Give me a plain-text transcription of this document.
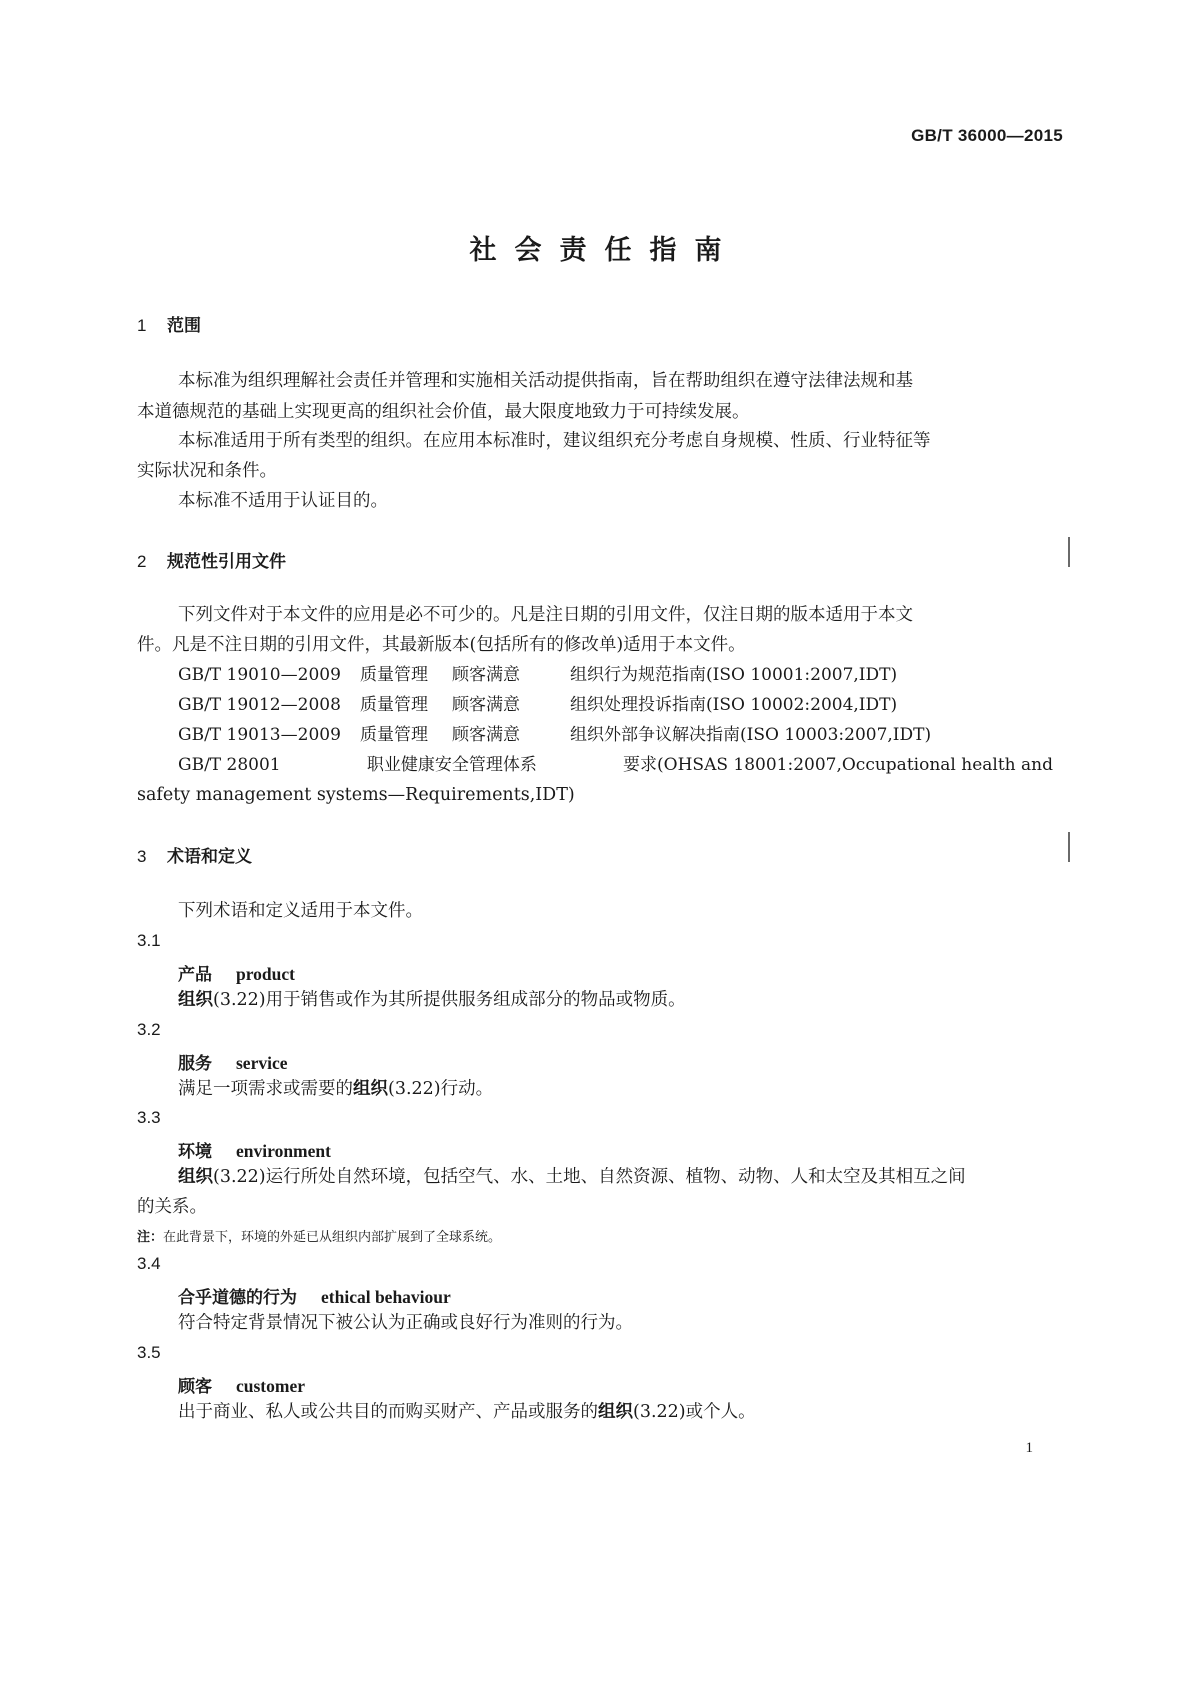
GB/T 36000—2015
社会责任指南
1 范围
本标准为组织理解社会责任并管理和实施相关活动提供指南，旨在帮助组织在遵守法律法规和基
本道德规范的基础上实现更高的组织社会价值，最大限度地致力于可持续发展。
本标准适用于所有类型的组织。在应用本标准时，建议组织充分考虑自身规模、性质、行业特征等
实际状况和条件。
本标准不适用于认证目的。
2 规范性引用文件
下列文件对于本文件的应用是必不可少的。凡是注日期的引用文件，仅注日期的版本适用于本文
件。凡是不注日期的引用文件，其最新版本(包括所有的修改单)适用于本文件。
GB/T 19010—2009 质量管理 顾客满意	组织行为规范指南(ISO 10001:2007,IDT)
GB/T 19012—2008 质量管理 顾客满意	组织处理投诉指南(ISO 10002:2004,IDT)
GB/T 19013—2009 质量管理 顾客满意	组织外部争议解决指南(ISO 10003:2007,IDT)
GB/T 28001	职业健康安全管理体系	要求(OHSAS 18001:2007,Occupational health and
safety management systems—Requirements,IDT)
3 术语和定义
下列术语和定义适用于本文件。
3.1
产品 product
组织(3.22)用于销售或作为其所提供服务组成部分的物品或物质。
3.2
服务 service
满足一项需求或需要的组织(3.22)行动。
3.3
环境 environment
组织(3.22)运行所处自然环境，包括空气、水、土地、自然资源、植物、动物、人和太空及其相互之间
的关系。
注：在此背景下，环境的外延已从组织内部扩展到了全球系统。
3.4
合乎道德的行为 ethical behaviour
符合特定背景情况下被公认为正确或良好行为准则的行为。
3.5
顾客 customer
出于商业、私人或公共目的而购买财产、产品或服务的组织(3.22)或个人。
1
